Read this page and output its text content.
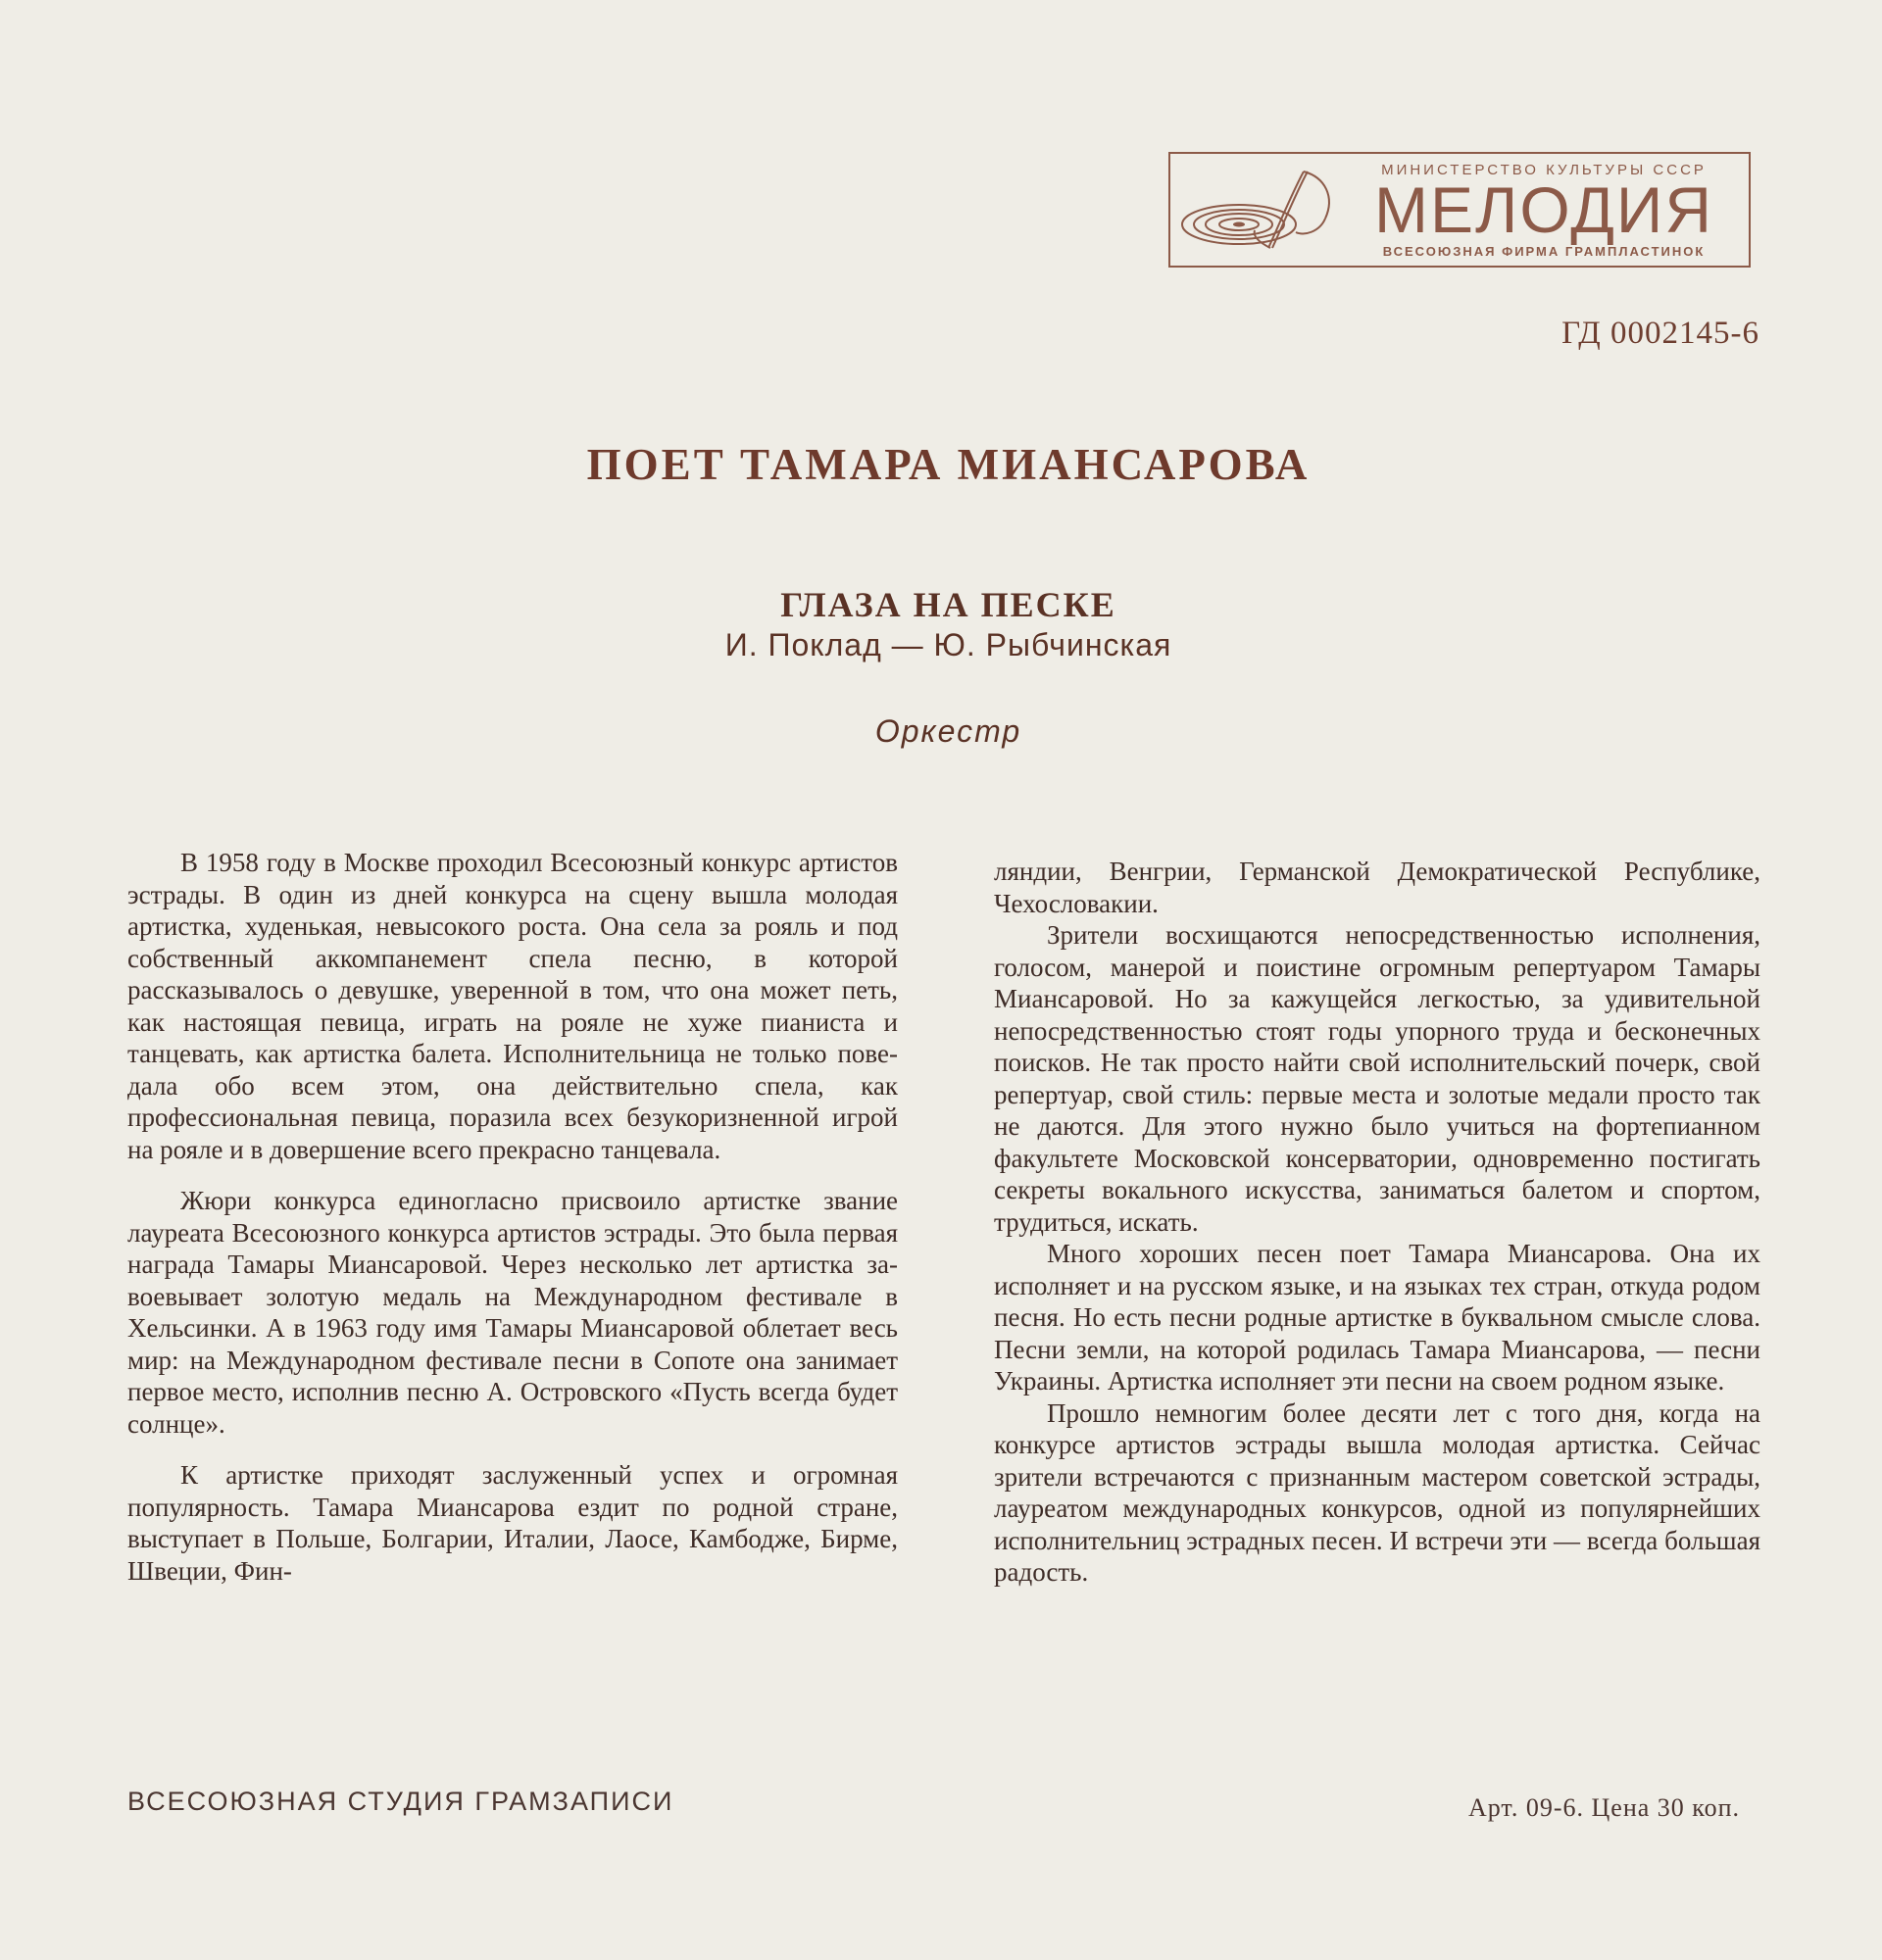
МИНИСТЕРСТВО КУЛЬТУРЫ СССР
МЕЛОДИЯ
ВСЕСОЮЗНАЯ ФИРМА ГРАМПЛАСТИНОК
ГД 0002145-6
ПОЕТ ТАМАРА МИАНСАРОВА
ГЛАЗА НА ПЕСКЕ
И. Поклад — Ю. Рыбчинская
Оркестр

В 1958 году в Москве проходил Всесоюзный конкурс артистов эстрады. В один из дней конкурса на сцену вышла молодая артистка, худенькая, невысокого роста. Она села за рояль и под собственный аккомпанемент спела песню, в которой рассказывалось о девушке, уверенной в том, что она может петь, как настоящая певица, играть на рояле не хуже пианиста и танцевать, как артистка балета. Исполнительница не только поведала обо всем этом, она действительно спела, как профессиональная певица, поразила всех безукоризненной игрой на рояле и в довершение всего прекрасно танцевала.

Жюри конкурса единогласно присвоило артистке звание лауреата Всесоюзного конкурса артистов эстрады. Это была первая награда Тамары Миансаровой. Через несколько лет артистка завоевывает золотую медаль на Международном фестивале в Хельсинки. А в 1963 году имя Тамары Миансаровой облетает весь мир: на Международном фестивале песни в Сопоте она занимает первое место, исполнив песню А. Островского «Пусть всегда будет солнце».

К артистке приходят заслуженный успех и огромная популярность. Тамара Миансарова ездит по родной стране, выступает в Польше, Болгарии, Италии, Лаосе, Камбодже, Бирме, Швеции, Фин-

ляндии, Венгрии, Германской Демократической Республике, Чехословакии.

Зрители восхищаются непосредственностью исполнения, голосом, манерой и поистине огромным репертуаром Тамары Миансаровой. Но за кажущейся легкостью, за удивительной непосредственностью стоят годы упорного труда и бесконечных поисков. Не так просто найти свой исполнительский почерк, свой репертуар, свой стиль: первые места и золотые медали просто так не даются. Для этого нужно было учиться на фортепианном факультете Московской консерватории, одновременно постигать секреты вокального искусства, заниматься балетом и спортом, трудиться, искать.

Много хороших песен поет Тамара Миансарова. Она их исполняет и на русском языке, и на языках тех стран, откуда родом песня. Но есть песни родные артистке в буквальном смысле слова. Песни земли, на которой родилась Тамара Миансарова, — песни Украины. Артистка исполняет эти песни на своем родном языке.

Прошло немногим более десяти лет с того дня, когда на конкурсе артистов эстрады вышла молодая артистка. Сейчас зрители встречаются с признанным мастером советской эстрады, лауреатом международных конкурсов, одной из популярнейших исполнительниц эстрадных песен. И встречи эти — всегда большая радость.

ВСЕСОЮЗНАЯ СТУДИЯ ГРАМЗАПИСИ	Арт. 09-6. Цена 30 коп.
